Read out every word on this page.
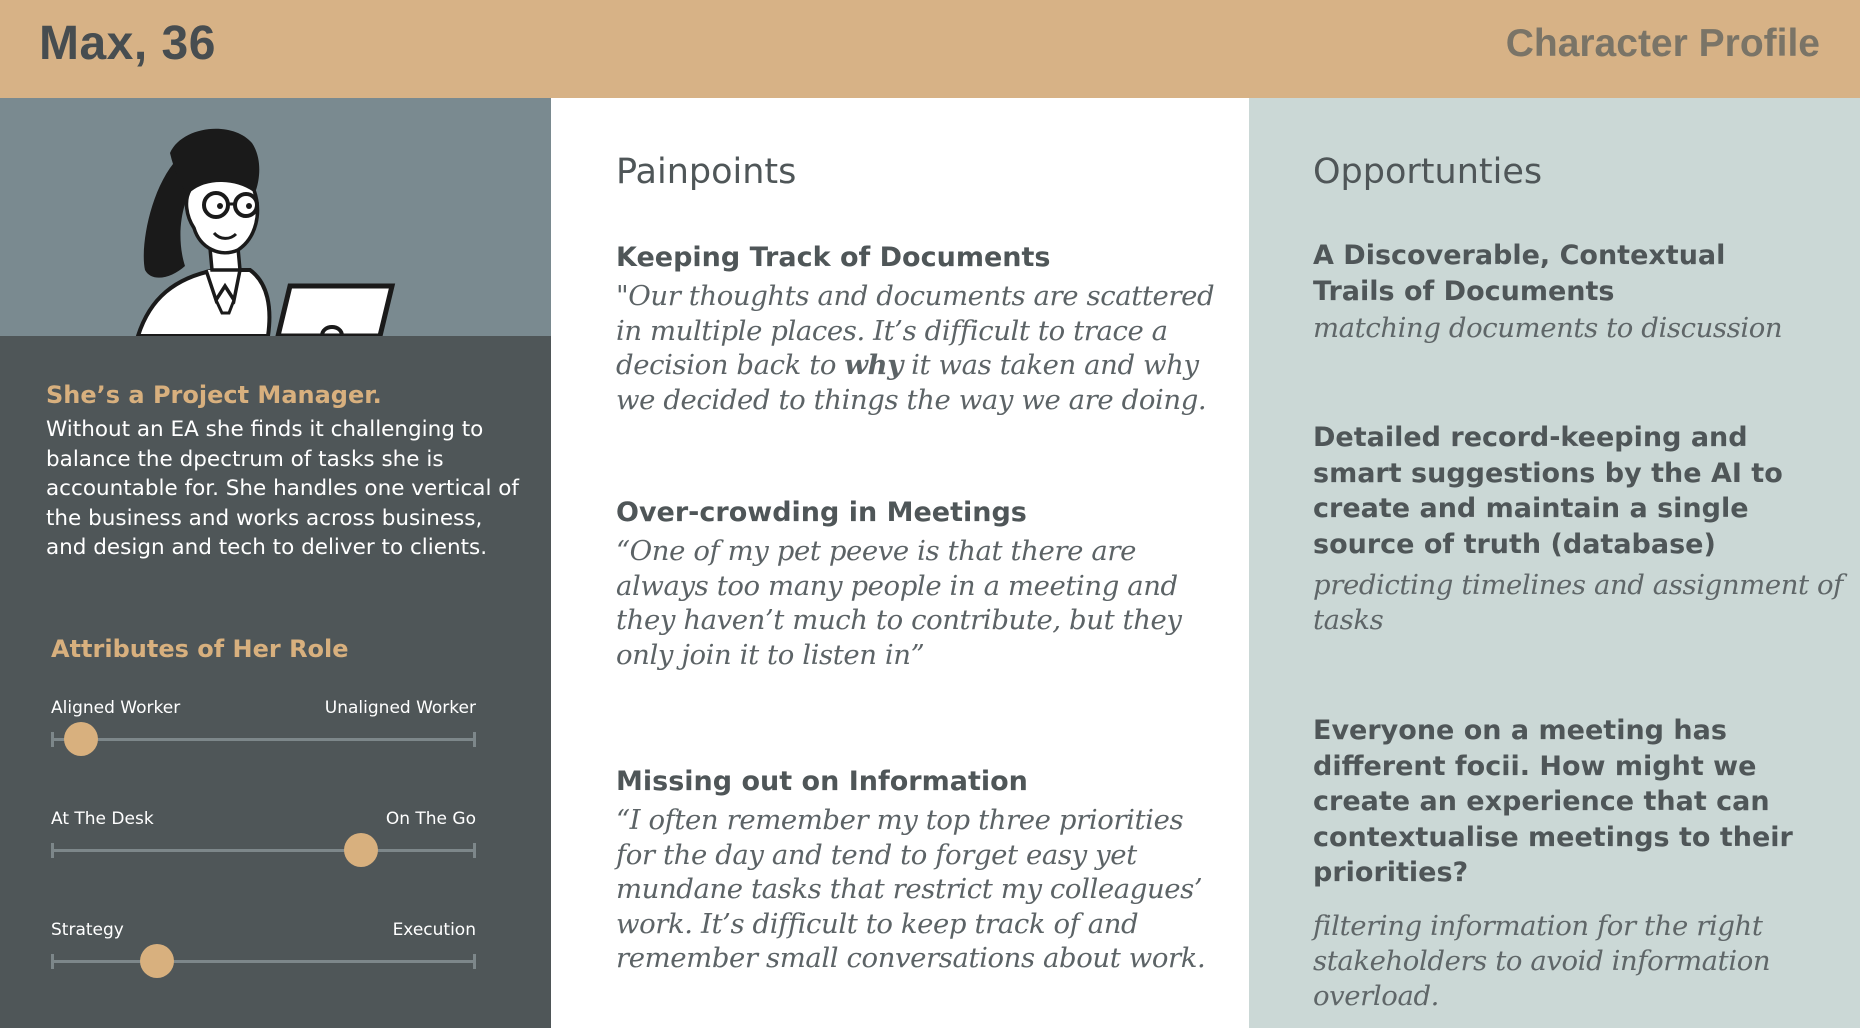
Max, 36	Character Profile

She’s a Project Manager.

Without an EA she finds it challenging to balance the dpectrum of tasks she is accountable for. She handles one vertical of the business and works across business, and design and tech to deliver to clients.

Attributes of Her Role
Aligned Worker	Unaligned Worker
At The Desk	On The Go
Strategy	Execution
Painpoints

Keeping Track of Documents

"Our thoughts and documents are scattered in multiple places. It’s difficult to trace a decision back to why it was taken and why we decided to things the way we are doing.

Over-crowding in Meetings

“One of my pet peeve is that there are always too many people in a meeting and they haven’t much to contribute, but they only join it to listen in”

Missing out on Information

“I often remember my top three priorities for the day and tend to forget easy yet mundane tasks that restrict my colleagues’ work. It’s difficult to keep track of and remember small conversations about work.

Opportunties

A Discoverable, Contextual
Trails of Documents

matching documents to discussion

Detailed record-keeping and smart suggestions by the AI to create and maintain a single source of truth (database)

predicting timelines and assignment of tasks

Everyone on a meeting has different focii. How might we create an experience that can contextualise meetings to their priorities?

filtering information for the right stakeholders to avoid information overload.
